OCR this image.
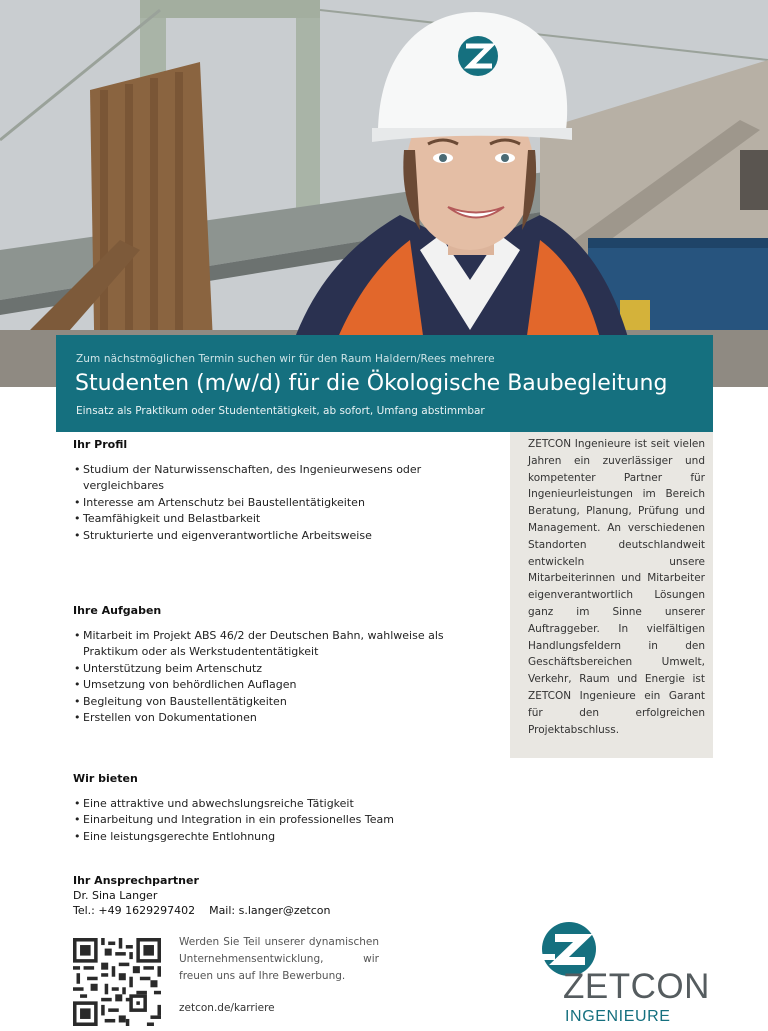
Zum nächstmöglichen Termin suchen wir für den Raum Haldern/Rees mehrere
Studenten (m/w/d) für die Ökologische Baubegleitung
Einsatz als Praktikum oder Studententätigkeit, ab sofort, Umfang abstimmbar
Ihr Profil
• Studium der Naturwissenschaften, des Ingenieurwesens oder vergleichbares
• Interesse am Artenschutz bei Baustellentätigkeiten
• Teamfähigkeit und Belastbarkeit
• Strukturierte und eigenverantwortliche Arbeitsweise
Ihre Aufgaben
• Mitarbeit im Projekt ABS 46/2 der Deutschen Bahn, wahlweise als Praktikum oder als Werkstudententätigkeit
• Unterstützung beim Artenschutz
• Umsetzung von behördlichen Auflagen
• Begleitung von Baustellentätigkeiten
• Erstellen von Dokumentationen
Wir bieten
• Eine attraktive und abwechslungsreiche Tätigkeit
• Einarbeitung und Integration in ein professionelles Team
• Eine leistungsgerechte Entlohnung

ZETCON Ingenieure ist seit vielen Jahren ein zuverlässiger und kompetenter Partner für Ingenieurleistungen im Bereich Beratung, Planung, Prüfung und Management. An verschiedenen Standorten deutschlandweit entwickeln unsere Mitarbeiterinnen und Mitarbeiter eigenverantwortlich Lösungen ganz im Sinne unserer Auftraggeber. In vielfältigen Handlungsfeldern in den Geschäftsbereichen Umwelt, Verkehr, Raum und Energie ist ZETCON Ingenieure ein Garant für den erfolgreichen Projektabschluss.

Ihr Ansprechpartner
Dr. Sina Langer
Tel.: +49 1629297402 Mail: s.langer@zetcon
Werden Sie Teil unserer dynamischen Unternehmensentwicklung, wir freuen uns auf Ihre Bewerbung.
zetcon.de/karriere
ZETCON
INGENIEURE
